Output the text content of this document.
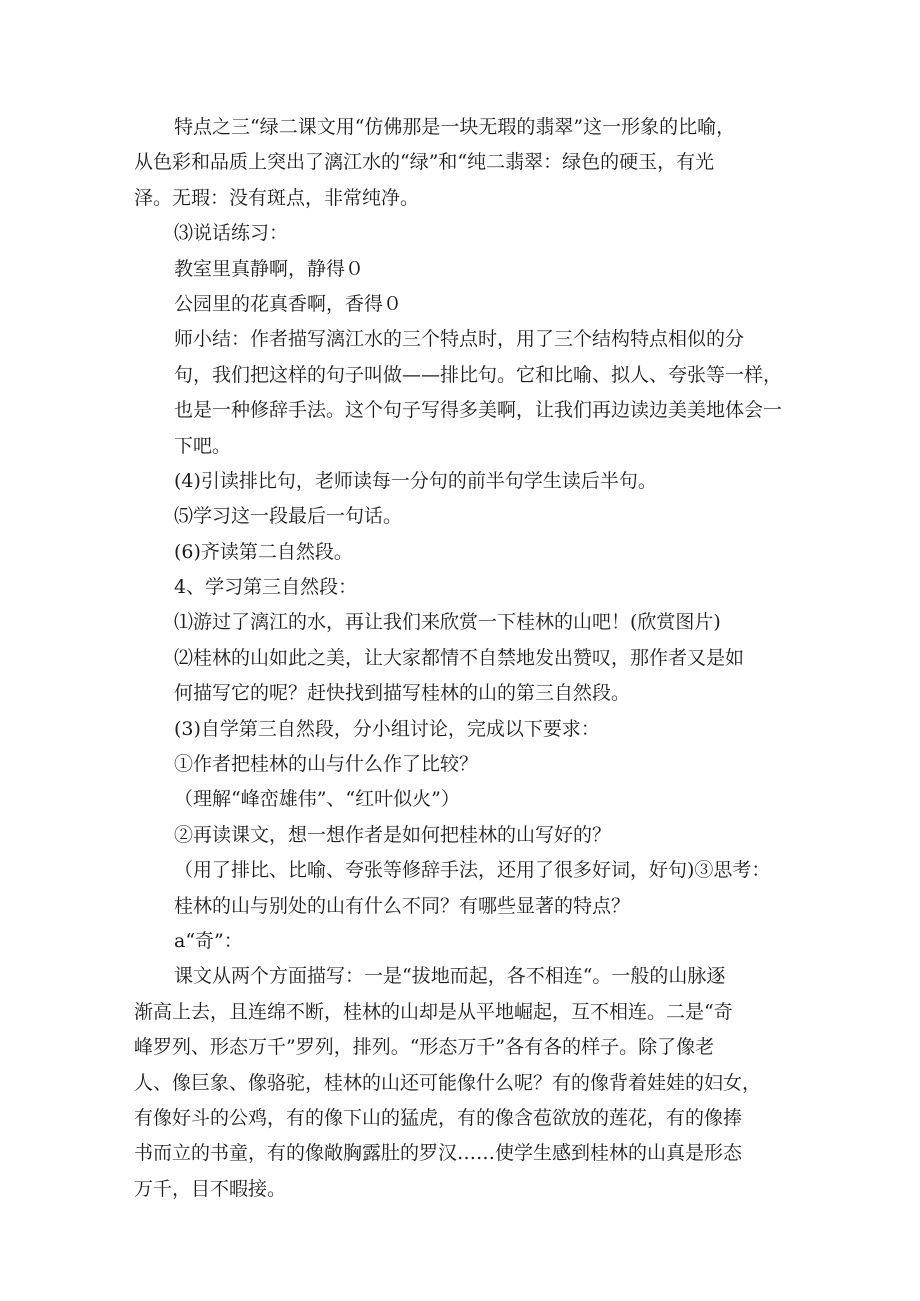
特点之三“绿二课文用“仿佛那是一块无瑕的翡翠”这一形象的比喻，
从色彩和品质上突出了漓江水的“绿”和“纯二翡翠：绿色的硬玉，有光
泽。无瑕：没有斑点，非常纯净。
⑶说话练习：
教室里真静啊，静得０
公园里的花真香啊，香得０
师小结：作者描写漓江水的三个特点时，用了三个结构特点相似的分
句，我们把这样的句子叫做——排比句。它和比喻、拟人、夸张等一样，
也是一种修辞手法。这个句子写得多美啊，让我们再边读边美美地体会一
下吧。
(4)引读排比句，老师读每一分句的前半句学生读后半句。
⑸学习这一段最后一句话。
(6)齐读第二自然段。
4、学习第三自然段：
⑴游过了漓江的水，再让我们来欣赏一下桂林的山吧！(欣赏图片)
⑵桂林的山如此之美，让大家都情不自禁地发出赞叹，那作者又是如
何描写它的呢？赶快找到描写桂林的山的第三自然段。
(3)自学第三自然段，分小组讨论，完成以下要求：
①作者把桂林的山与什么作了比较？
（理解“峰峦雄伟”、“红叶似火”）
②再读课文，想一想作者是如何把桂林的山写好的？
（用了排比、比喻、夸张等修辞手法，还用了很多好词，好句)③思考：
桂林的山与别处的山有什么不同？有哪些显著的特点？
a“奇”：
课文从两个方面描写：一是“拔地而起，各不相连“。一般的山脉逐
渐高上去，且连绵不断，桂林的山却是从平地崛起，互不相连。二是“奇
峰罗列、形态万千”罗列，排列。“形态万千”各有各的样子。除了像老
人、像巨象、像骆驼，桂林的山还可能像什么呢？有的像背着娃娃的妇女，
有像好斗的公鸡，有的像下山的猛虎，有的像含苞欲放的莲花，有的像捧
书而立的书童，有的像敞胸露肚的罗汉……使学生感到桂林的山真是形态
万千，目不暇接。
